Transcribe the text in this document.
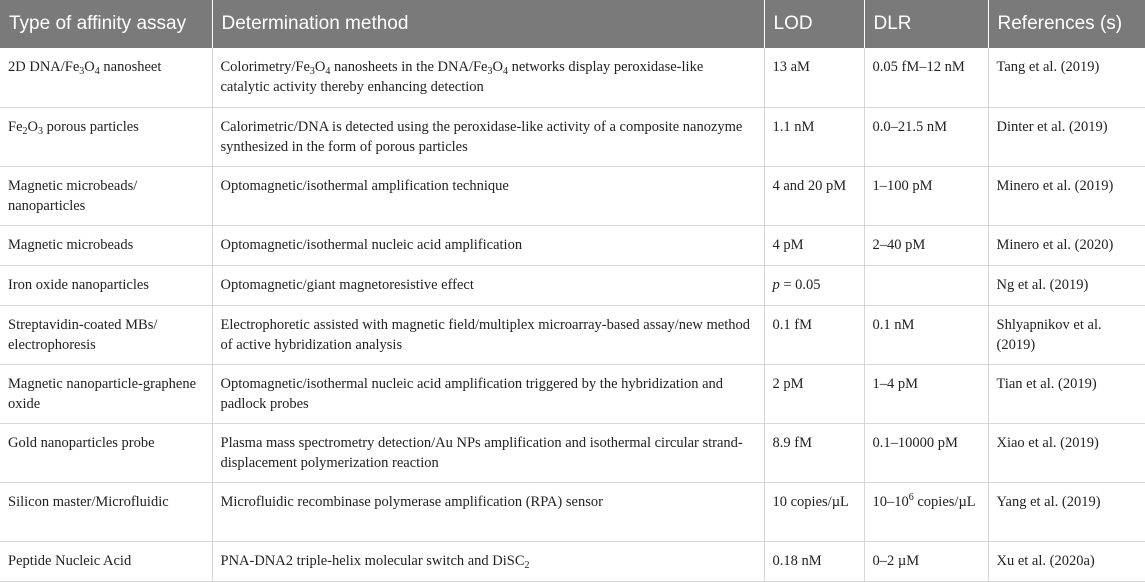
Type of affinity assay	Determination method	LOD	DLR	References (s)
2D DNA/$Fe_3O_4$ nanosheet	Colorimetry/$Fe_3O_4$ nanosheets in the DNA/$Fe_3O_4$ networks display peroxidase-like catalytic activity thereby enhancing detection	13 aM	0.05 fM–12 nM	Tang et al. (2019)
$Fe_2O_3$ porous particles	Calorimetric/DNA is detected using the peroxidase-like activity of a composite nanozyme synthesized in the form of porous particles	1.1 nM	0.0–21.5 nM	Dinter et al. (2019)
Magnetic microbeads/ nanoparticles	Optomagnetic/isothermal amplification technique	4 and 20 pM	1–100 pM	Minero et al. (2019)
Magnetic microbeads	Optomagnetic/isothermal nucleic acid amplification	4 pM	2–40 pM	Minero et al. (2020)
Iron oxide nanoparticles	Optomagnetic/giant magnetoresistive effect	p = 0.05		Ng et al. (2019)
Streptavidin-coated MBs/ electrophoresis	Electrophoretic assisted with magnetic field/multiplex microarray-based assay/new method of active hybridization analysis	0.1 fM	0.1 nM	Shlyapnikov et al. (2019)
Magnetic nanoparticle-graphene oxide	Optomagnetic/isothermal nucleic acid amplification triggered by the hybridization and padlock probes	2 pM	1–4 pM	Tian et al. (2019)
Gold nanoparticles probe	Plasma mass spectrometry detection/Au NPs amplification and isothermal circular strand-displacement polymerization reaction	8.9 fM	0.1–10000 pM	Xiao et al. (2019)
Silicon master/Microfluidic	Microfluidic recombinase polymerase amplification (RPA) sensor	10 copies/µL	$10-10^6$ copies/µL	Yang et al. (2019)
Peptide Nucleic Acid	PNA-DNA2 triple-helix molecular switch and DiSC$_2$	0.18 nM	0–2 µM	Xu et al. (2020a)
